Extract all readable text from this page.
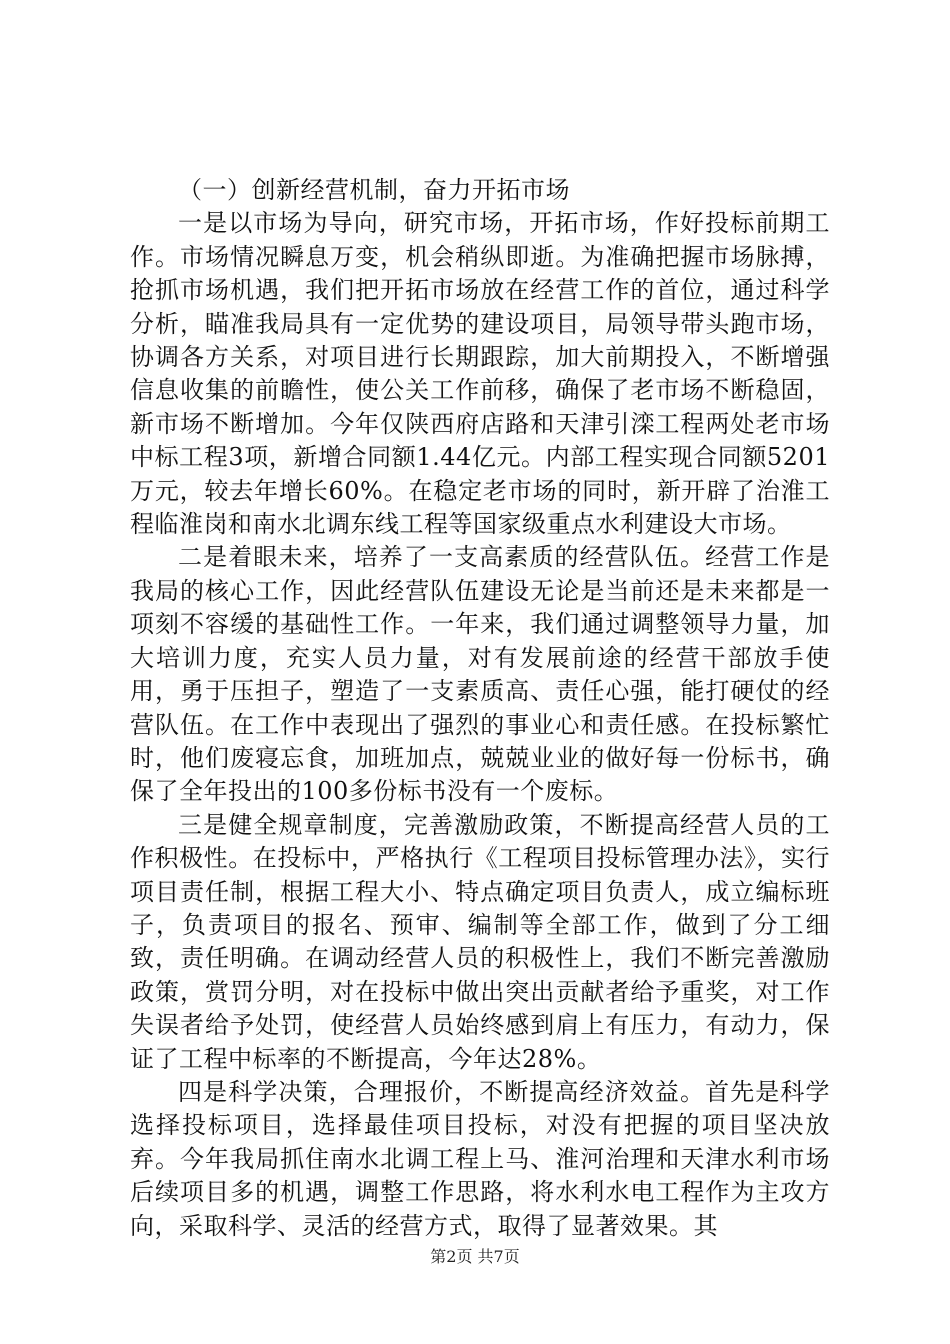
（一）创新经营机制，奋力开拓市场

一是以市场为导向，研究市场，开拓市场，作好投标前期工作。市场情况瞬息万变，机会稍纵即逝。为准确把握市场脉搏，抢抓市场机遇，我们把开拓市场放在经营工作的首位，通过科学分析，瞄准我局具有一定优势的建设项目，局领导带头跑市场，协调各方关系，对项目进行长期跟踪，加大前期投入，不断增强信息收集的前瞻性，使公关工作前移，确保了老市场不断稳固，新市场不断增加。今年仅陕西府店路和天津引滦工程两处老市场中标工程3项，新增合同额1.44亿元。内部工程实现合同额5201万元，较去年增长60%。在稳定老市场的同时，新开辟了治淮工程临淮岗和南水北调东线工程等国家级重点水利建设大市场。

二是着眼未来，培养了一支高素质的经营队伍。经营工作是我局的核心工作，因此经营队伍建设无论是当前还是未来都是一项刻不容缓的基础性工作。一年来，我们通过调整领导力量，加大培训力度，充实人员力量，对有发展前途的经营干部放手使用，勇于压担子，塑造了一支素质高、责任心强，能打硬仗的经营队伍。在工作中表现出了强烈的事业心和责任感。在投标繁忙时，他们废寝忘食，加班加点，兢兢业业的做好每一份标书，确保了全年投出的100多份标书没有一个废标。

三是健全规章制度，完善激励政策，不断提高经营人员的工作积极性。在投标中，严格执行《工程项目投标管理办法》，实行项目责任制，根据工程大小、特点确定项目负责人，成立编标班子，负责项目的报名、预审、编制等全部工作，做到了分工细致，责任明确。在调动经营人员的积极性上，我们不断完善激励政策，赏罚分明，对在投标中做出突出贡献者给予重奖，对工作失误者给予处罚，使经营人员始终感到肩上有压力，有动力，保证了工程中标率的不断提高，今年达28%。

四是科学决策，合理报价，不断提高经济效益。首先是科学选择投标项目，选择最佳项目投标，对没有把握的项目坚决放弃。今年我局抓住南水北调工程上马、淮河治理和天津水利市场后续项目多的机遇，调整工作思路，将水利水电工程作为主攻方向，采取科学、灵活的经营方式，取得了显著效果。其

第2页 共7页
